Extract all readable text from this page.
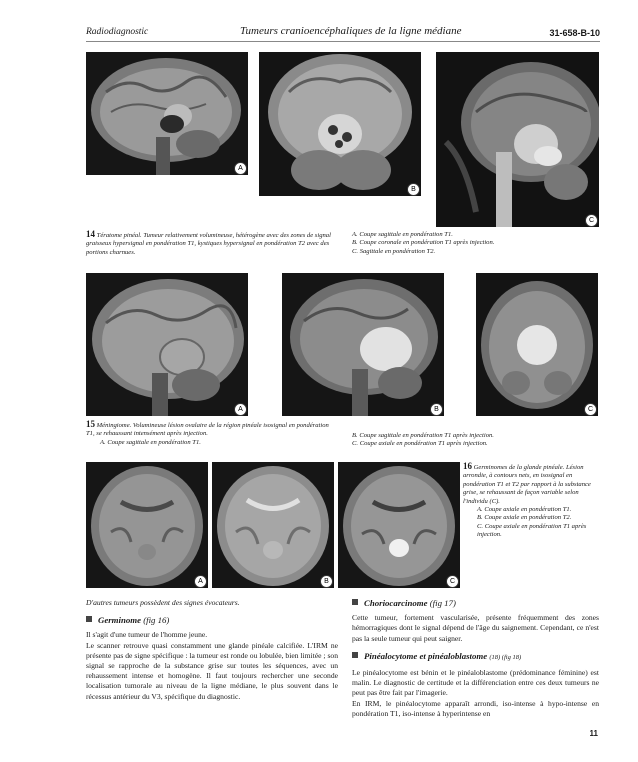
Radiodiagnostic	Tumeurs cranioencéphaliques de la ligne médiane	31-658-B-10
A
B
C
14 Tératome pinéal. Tumeur relativement volumineuse, hétérogène avec des zones de signal graisseux hypersignal en pondération T1, kystiques hypersignal en pondération T2 avec des portions charnues.
A. Coupe sagittale en pondération T1.
B. Coupe coronale en pondération T1 après injection.
C. Sagittale en pondération T2.
A	B	C
15 Méningiome. Volumineuse lésion ovalaire de la région pinéale isosignal en pondération T1, se rehaussant intensément après injection.
A. Coupe sagittale en pondération T1.
B. Coupe sagittale en pondération T1 après injection.
C. Coupe axiale en pondération T1 après injection.
A	B	C
16 Germinomes de la glande pinéale. Lésion arrondie, à contours nets, en isosignal en pondération T1 et T2 par rapport à la substance grise, se rehaussant de façon variable selon l'individu (C).
A. Coupe axiale en pondération T1.
B. Coupe axiale en pondération T2.
C. Coupe axiale en pondération T1 après injection.

D'autres tumeurs possèdent des signes évocateurs.

Germinome (fig 16)

Il s'agit d'une tumeur de l'homme jeune.

Le scanner retrouve quasi constamment une glande pinéale calcifiée. L'IRM ne présente pas de signe spécifique : la tumeur est ronde ou lobulée, bien limitée ; son signal se rapproche de la substance grise sur toutes les séquences, avec un rehaussement intense et homogène. Il faut toujours rechercher une seconde localisation tumorale au niveau de la ligne médiane, le plus souvent dans le récessus antérieur du V3, spécifique du diagnostic.

Choriocarcinome (fig 17)

Cette tumeur, fortement vascularisée, présente fréquemment des zones hémorragiques dont le signal dépend de l'âge du saignement. Cependant, ce n'est pas la seule tumeur qui peut saigner.

Pinéalocytome et pinéaloblastome (18) (fig 18)

Le pinéalocytome est bénin et le pinéaloblastome (prédominance féminine) est malin. Le diagnostic de certitude et la différenciation entre ces deux tumeurs ne peut pas être fait par l'imagerie.

En IRM, le pinéalocytome apparaît arrondi, iso-intense à hypo-intense en pondération T1, iso-intense à hyperintense en

11
